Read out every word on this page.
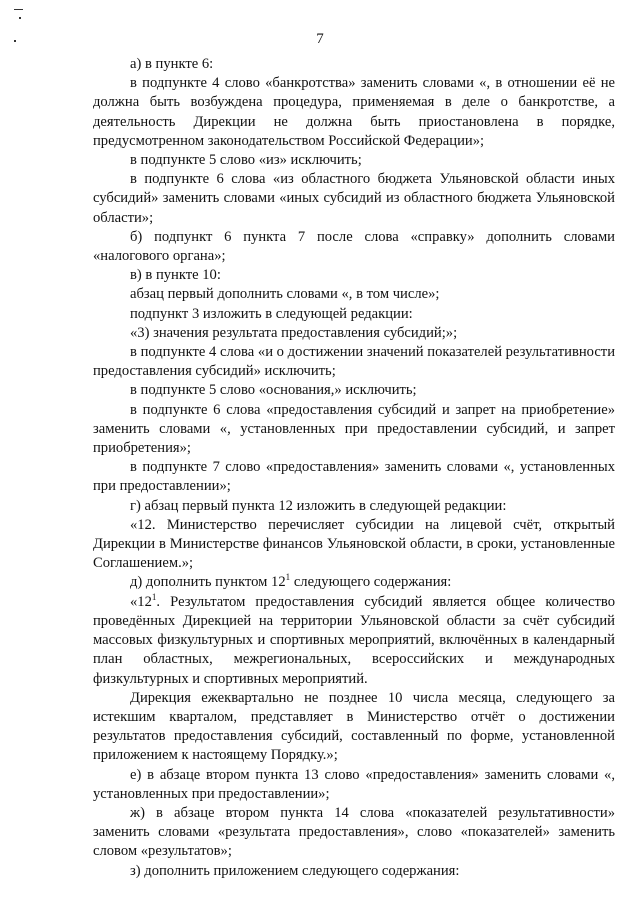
7

а) в пункте 6:

в подпункте 4 слово «банкротства» заменить словами «, в отношении её не должна быть возбуждена процедура, применяемая в деле о банкротстве, а деятельность Дирекции не должна быть приостановлена в порядке, предусмотренном законодательством Российской Федерации»;

в подпункте 5 слово «из» исключить;

в подпункте 6 слова «из областного бюджета Ульяновской области иных субсидий» заменить словами «иных субсидий из областного бюджета Ульяновской области»;

б) подпункт 6 пункта 7 после слова «справку» дополнить словами «налогового органа»;

в) в пункте 10:

абзац первый дополнить словами «, в том числе»;

подпункт 3 изложить в следующей редакции:

«3) значения результата предоставления субсидий;»;

в подпункте 4 слова «и о достижении значений показателей результативности предоставления субсидий» исключить;

в подпункте 5 слово «основания,» исключить;

в подпункте 6 слова «предоставления субсидий и запрет на приобретение» заменить словами «, установленных при предоставлении субсидий, и запрет приобретения»;

в подпункте 7 слово «предоставления» заменить словами «, установленных при предоставлении»;

г) абзац первый пункта 12 изложить в следующей редакции:

«12. Министерство перечисляет субсидии на лицевой счёт, открытый Дирекции в Министерстве финансов Ульяновской области, в сроки, установленные Соглашением.»;

д) дополнить пунктом $12^1$ следующего содержания:

«$12^1$. Результатом предоставления субсидий является общее количество проведённых Дирекцией на территории Ульяновской области за счёт субсидий массовых физкультурных и спортивных мероприятий, включённых в календарный план областных, межрегиональных, всероссийских и международных физкультурных и спортивных мероприятий.

Дирекция ежеквартально не позднее 10 числа месяца, следующего за истекшим кварталом, представляет в Министерство отчёт о достижении результатов предоставления субсидий, составленный по форме, установленной приложением к настоящему Порядку.»;

е) в абзаце втором пункта 13 слово «предоставления» заменить словами «, установленных при предоставлении»;

ж) в абзаце втором пункта 14 слова «показателей результативности» заменить словами «результата предоставления», слово «показателей» заменить словом «результатов»;

з) дополнить приложением следующего содержания:
